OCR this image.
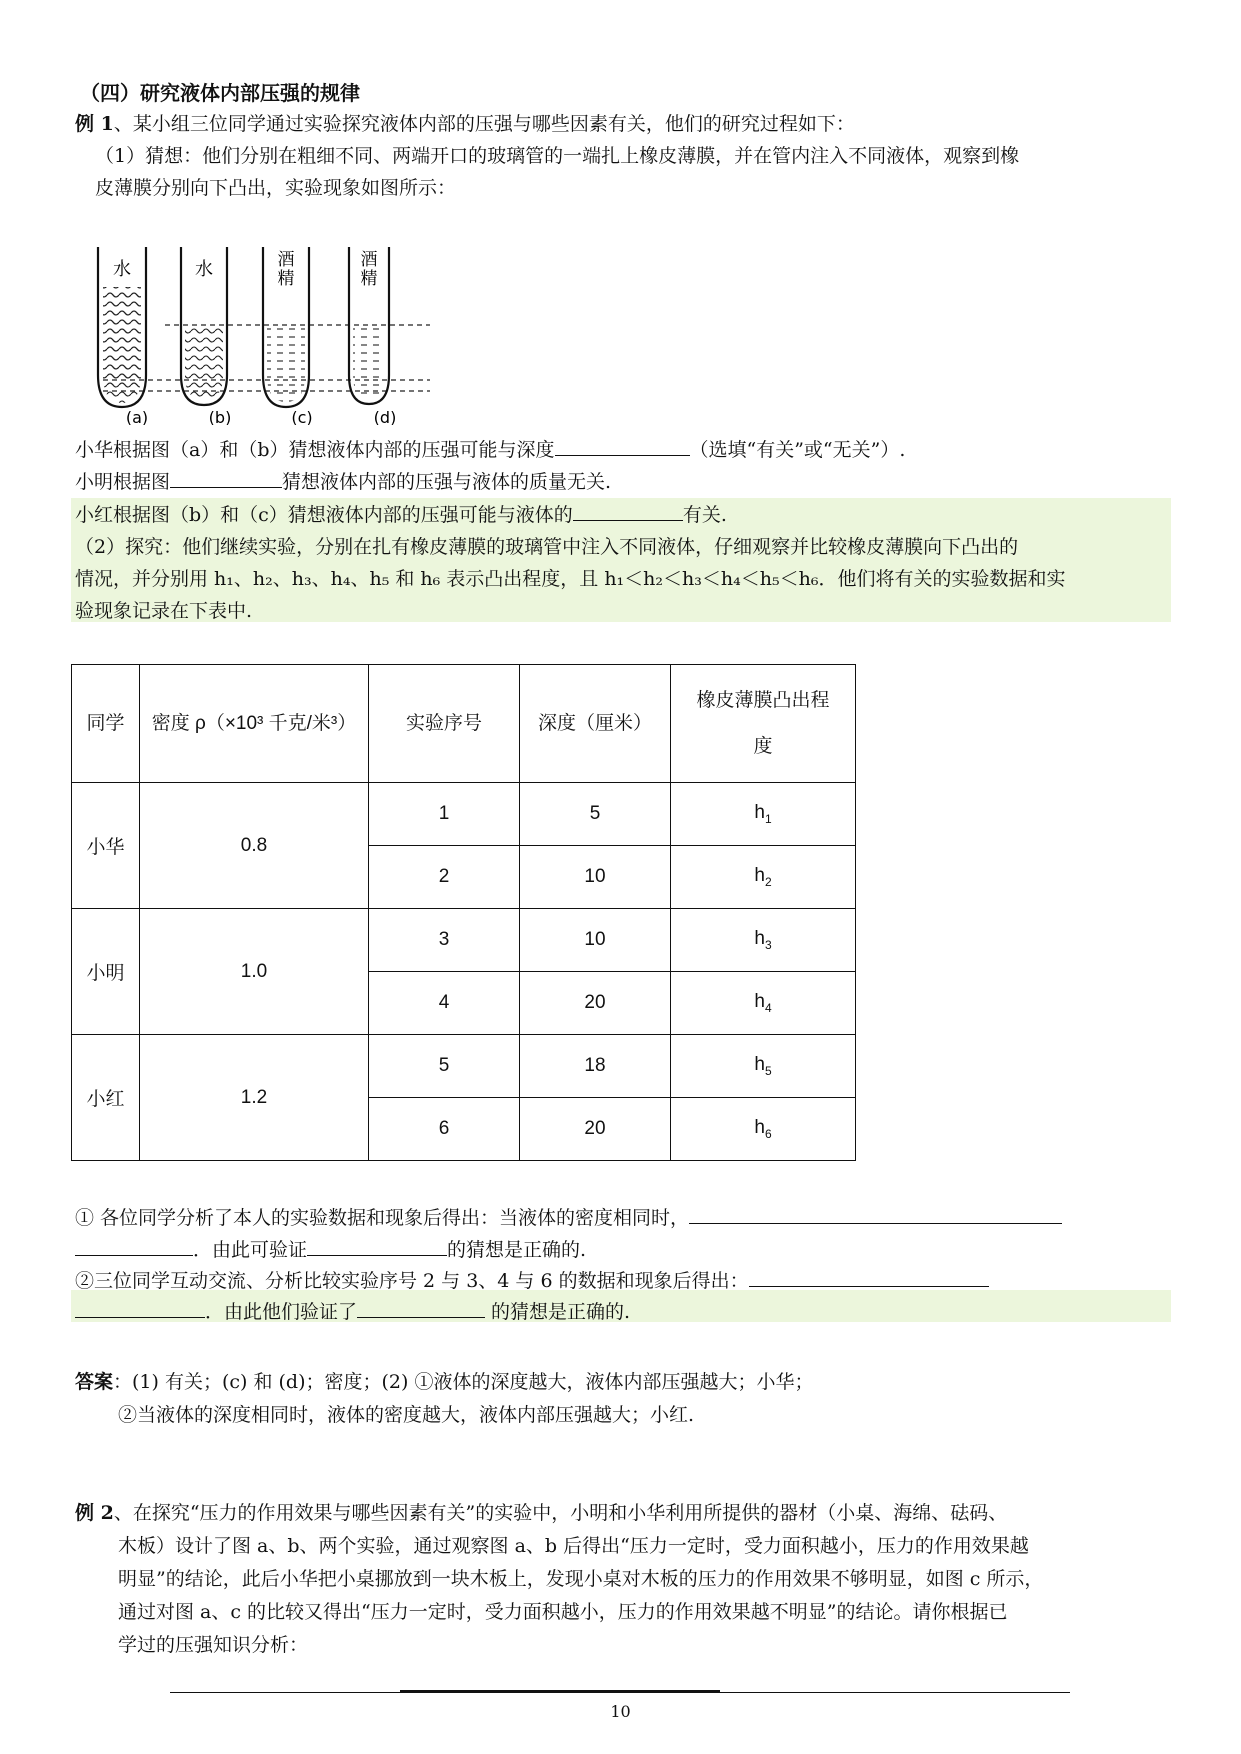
（四）研究液体内部压强的规律
例 1、某小组三位同学通过实验探究液体内部的压强与哪些因素有关，他们的研究过程如下：
（1）猜想：他们分别在粗细不同、两端开口的玻璃管的一端扎上橡皮薄膜，并在管内注入不同液体，观察到橡
皮薄膜分别向下凸出，实验现象如图所示：
水	水	酒精
酒精
(a)	(b)	(c)	(d)
小华根据图（a）和（b）猜想液体内部的压强可能与深度	（选填“有关”或“无关”）.
小明根据图	猜想液体内部的压强与液体的质量无关.
小红根据图（b）和（c）猜想液体内部的压强可能与液体的	有关.
（2）探究：他们继续实验，分别在扎有橡皮薄膜的玻璃管中注入不同液体，仔细观察并比较橡皮薄膜向下凸出的
情况，并分别用 h₁、h₂、h₃、h₄、h₅ 和 h₆ 表示凸出程度，且 h₁＜h₂＜h₃＜h₄＜h₅＜h₆．他们将有关的实验数据和实
验现象记录在下表中.
同学	密度 ρ（×10³ 千克/米³）	实验序号	深度（厘米）	橡皮薄膜凸出程度
小华	0.8	1	5	$h_1$
		2	10	$h_2$
小明	1.0	3	10	$h_3$
		4	20	$h_4$
小红	1.2	5	18	$h_5$
		6	20	$h_6$
① 各位同学分析了本人的实验数据和现象后得出：当液体的密度相同时，
．由此可验证	的猜想是正确的.
②三位同学互动交流、分析比较实验序号 2 与 3、4 与 6 的数据和现象后得出：
．由此他们验证了	的猜想是正确的.
答案：(1) 有关；(c) 和 (d)；密度；(2) ①液体的深度越大，液体内部压强越大；小华；
②当液体的深度相同时，液体的密度越大，液体内部压强越大；小红.
例 2、在探究“压力的作用效果与哪些因素有关”的实验中，小明和小华利用所提供的器材（小桌、海绵、砝码、
木板）设计了图 a、b、两个实验，通过观察图 a、b 后得出“压力一定时，受力面积越小，压力的作用效果越
明显”的结论，此后小华把小桌挪放到一块木板上，发现小桌对木板的压力的作用效果不够明显，如图 c 所示，
通过对图 a、c 的比较又得出“压力一定时，受力面积越小，压力的作用效果越不明显”的结论。请你根据已
学过的压强知识分析：
10
